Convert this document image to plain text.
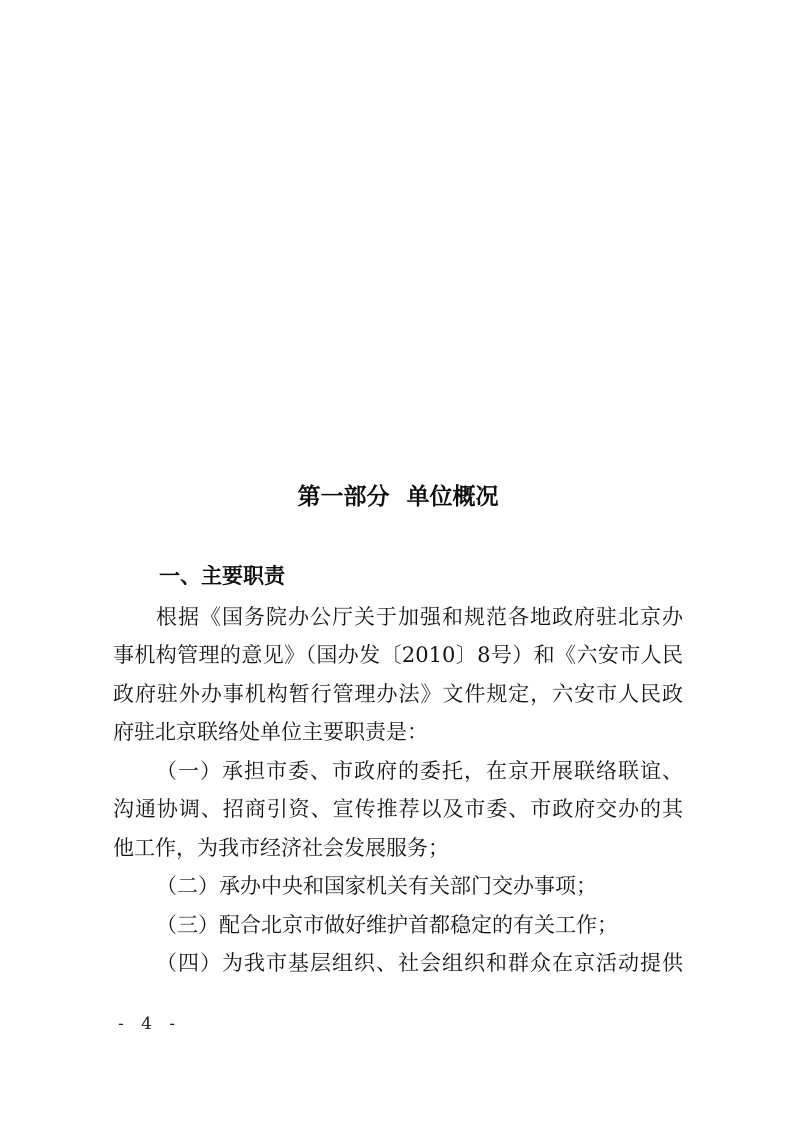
第一部分 单位概况
一、主要职责
根据《国务院办公厅关于加强和规范各地政府驻北京办
事机构管理的意见》（国办发〔2010〕8号）和《六安市人民
政府驻外办事机构暂行管理办法》文件规定，六安市人民政
府驻北京联络处单位主要职责是：
（一）承担市委、市政府的委托，在京开展联络联谊、
沟通协调、招商引资、宣传推荐以及市委、市政府交办的其
他工作，为我市经济社会发展服务；
（二）承办中央和国家机关有关部门交办事项；
（三）配合北京市做好维护首都稳定的有关工作；
（四）为我市基层组织、社会组织和群众在京活动提供
- 4 -
